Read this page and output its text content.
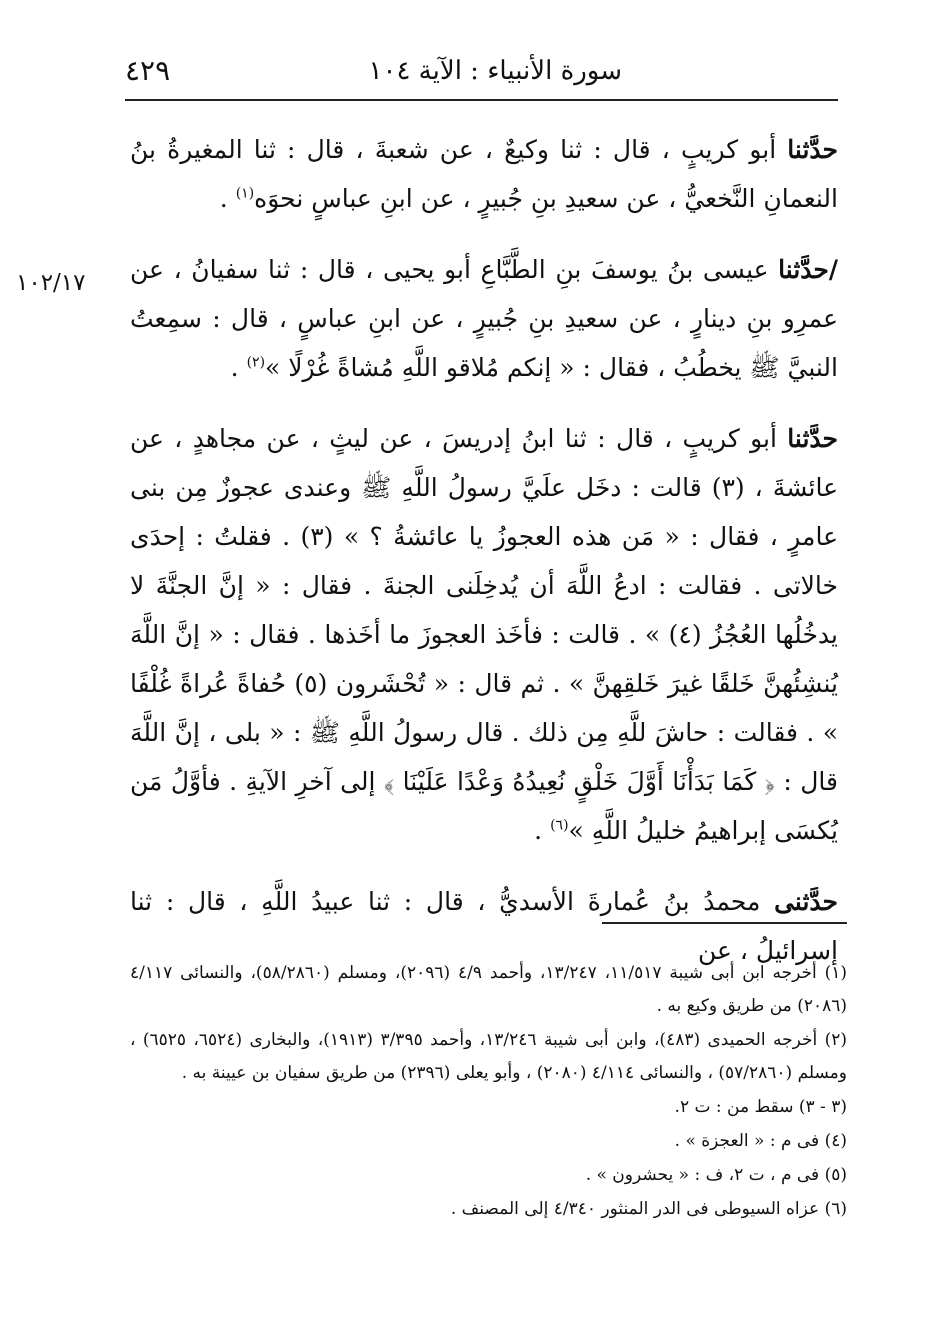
سورة الأنبياء : الآية ١٠٤
٤٢٩
١٠٢/١٧

حدَّثنا أبو كريبٍ ، قال : ثنا وكيعٌ ، عن شعبةَ ، قال : ثنا المغيرةُ بنُ النعمانِ النَّخعيُّ ، عن سعيدِ بنِ جُبيرٍ ، عن ابنِ عباسٍ نحوَه$^{(١)}$ .

/حدَّثنا عيسى بنُ يوسفَ بنِ الطَّبَّاعِ أبو يحيى ، قال : ثنا سفيانُ ، عن عمرِو بنِ دينارٍ ، عن سعيدِ بنِ جُبيرٍ ، عن ابنِ عباسٍ ، قال : سمِعتُ النبيَّ ﷺ يخطُبُ ، فقال : « إنكم مُلاقو اللَّهِ مُشاةً غُرْلًا »$^{(٢)}$ .

حدَّثنا أبو كريبٍ ، قال : ثنا ابنُ إدريسَ ، عن ليثٍ ، عن مجاهدٍ ، عن عائشةَ ، (٣) قالت : دخَل علَيَّ رسولُ اللَّهِ ﷺ وعندى عجوزٌ مِن بنى عامرٍ ، فقال : « مَن هذه العجوزُ يا عائشةُ ؟ » (٣) . فقلتُ : إحدَى خالاتى . فقالت : ادعُ اللَّهَ أن يُدخِلَنى الجنةَ . فقال : « إنَّ الجنَّةَ لا يدخُلُها العُجُزُ (٤) » . قالت : فأخَذ العجوزَ ما أخَذها . فقال : « إنَّ اللَّهَ يُنشِئُهنَّ خَلقًا غيرَ خَلقِهنَّ » . ثم قال : « تُحْشَرون (٥) حُفاةً عُراةً غُلْفًا » . فقالت : حاشَ للَّهِ مِن ذلك . قال رسولُ اللَّهِ ﷺ : « بلى ، إنَّ اللَّهَ قال : ﴿ كَمَا بَدَأْنَا أَوَّلَ خَلْقٍ نُعِيدُهُ وَعْدًا عَلَيْنَا ﴾ إلى آخرِ الآيةِ . فأوَّلُ مَن يُكسَى إبراهيمُ خليلُ اللَّهِ »$^{(٦)}$ .

حدَّثنى محمدُ بنُ عُمارةَ الأسديُّ ، قال : ثنا عبيدُ اللَّهِ ، قال : ثنا إسرائيلُ ، عن

(١) أخرجه ابن أبى شيبة ١١/٥١٧، ١٣/٢٤٧، وأحمد ٤/٩ (٢٠٩٦)، ومسلم (٥٨/٢٨٦٠)، والنسائى ٤/١١٧ (٢٠٨٦) من طريق وكيع به .

(٢) أخرجه الحميدى (٤٨٣)، وابن أبى شيبة ١٣/٢٤٦، وأحمد ٣/٣٩٥ (١٩١٣)، والبخارى (٦٥٢٤، ٦٥٢٥) ، ومسلم (٥٧/٢٨٦٠) ، والنسائى ٤/١١٤ (٢٠٨٠) ، وأبو يعلى (٢٣٩٦) من طريق سفيان بن عيينة به .

(٣ - ٣) سقط من : ت ٢.

(٤) فى م : « العجزة » .

(٥) فى م ، ت ٢، ف : « يحشرون » .

(٦) عزاه السيوطى فى الدر المنثور ٤/٣٤٠ إلى المصنف .
